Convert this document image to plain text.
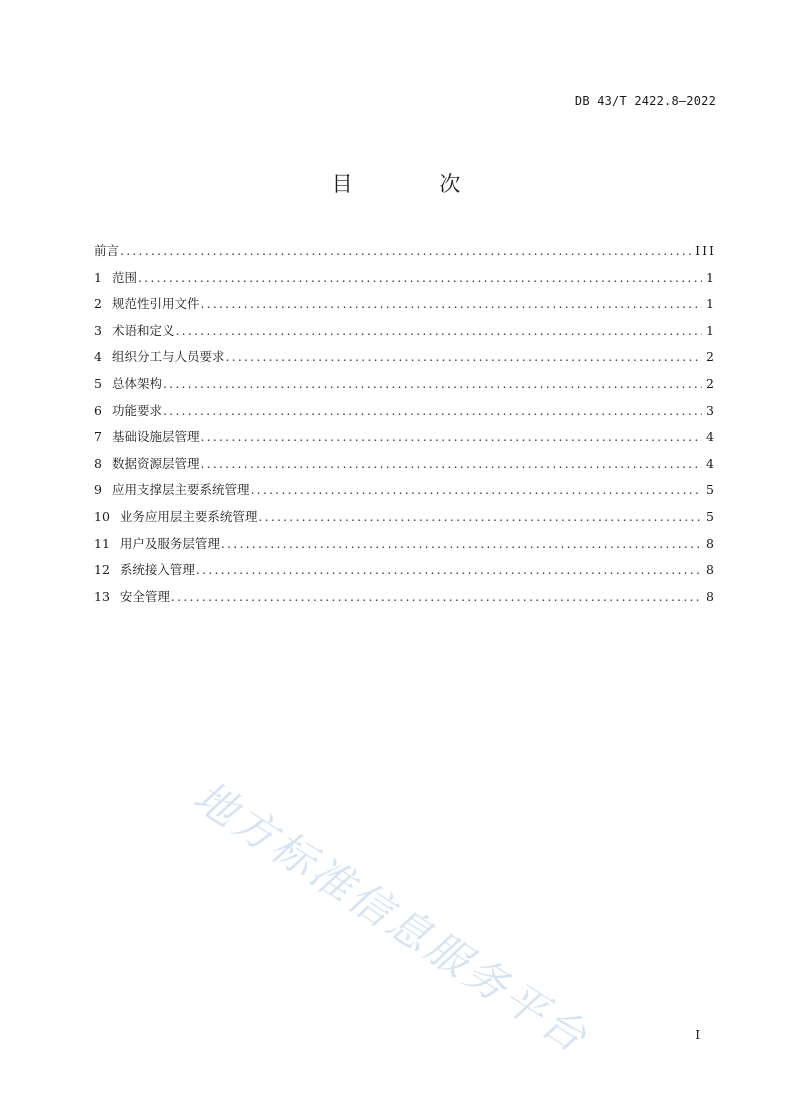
DB 43/T 2422.8—2022
目 次
前言 .....	III
1 范围 .....	1
2 规范性引用文件 .....	1
3 术语和定义 .....	1
4 组织分工与人员要求 .....	2
5 总体架构 .....	2
6 功能要求 .....	3
7 基础设施层管理 .....	4
8 数据资源层管理 .....	4
9 应用支撑层主要系统管理 .....	5
10 业务应用层主要系统管理 .....	5
11 用户及服务层管理 .....	8
12 系统接入管理 .....	8
13 安全管理 .....	8
地方标准信息服务平台	I
